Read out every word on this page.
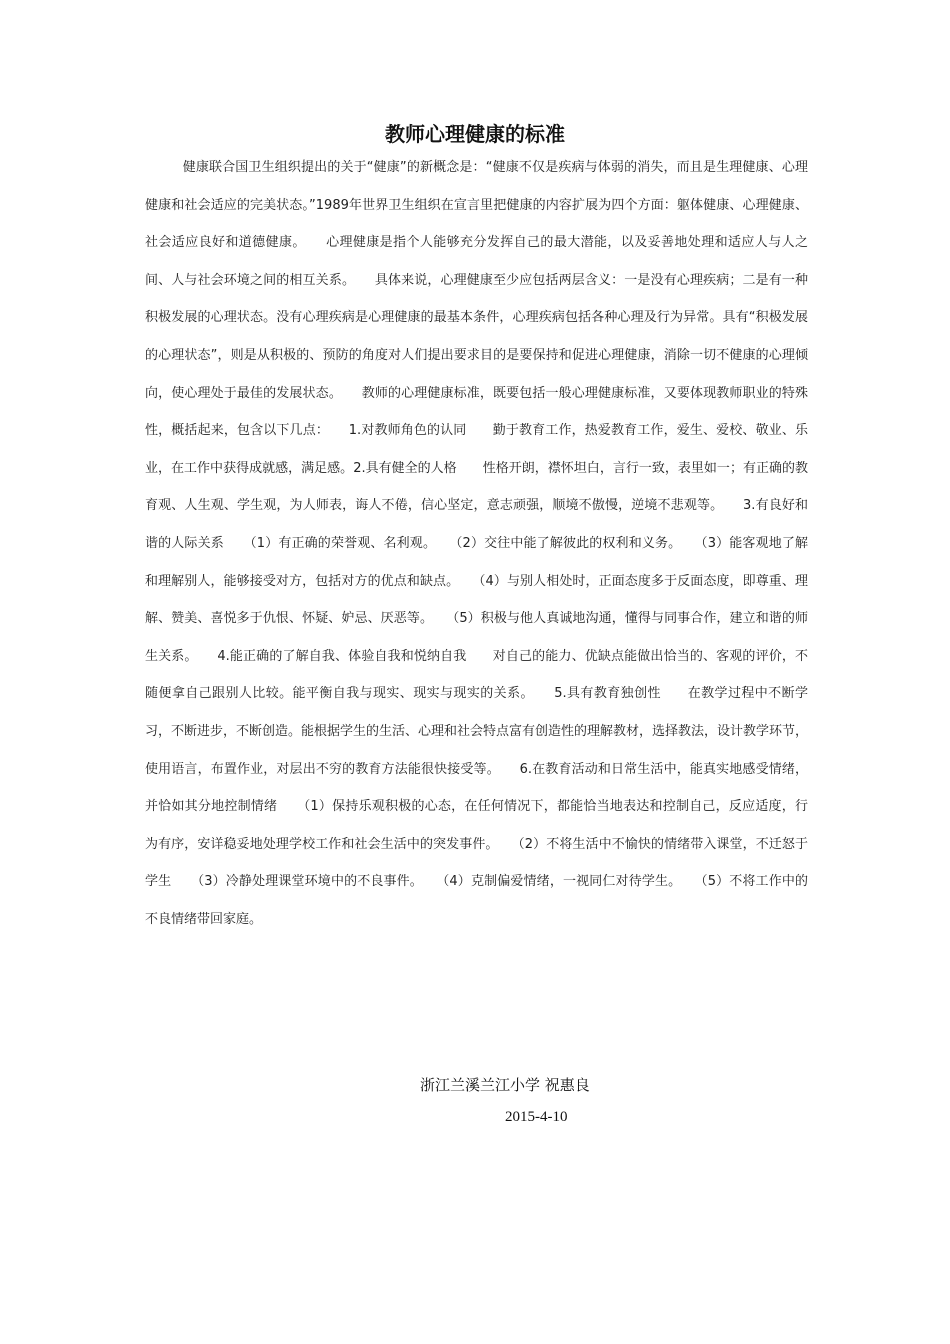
教师心理健康的标准

健康联合国卫生组织提出的关于“健康”的新概念是：“健康不仅是疾病与体弱的消失，而且是生理健康、心理健康和社会适应的完美状态。”1989年世界卫生组织在宣言里把健康的内容扩展为四个方面：躯体健康、心理健康、社会适应良好和道德健康。　　心理健康是指个人能够充分发挥自己的最大潜能，以及妥善地处理和适应人与人之间、人与社会环境之间的相互关系。　　具体来说，心理健康至少应包括两层含义：一是没有心理疾病；二是有一种积极发展的心理状态。没有心理疾病是心理健康的最基本条件，心理疾病包括各种心理及行为异常。具有“积极发展的心理状态”，则是从积极的、预防的角度对人们提出要求目的是要保持和促进心理健康，消除一切不健康的心理倾向，使心理处于最佳的发展状态。　　教师的心理健康标准，既要包括一般心理健康标准，又要体现教师职业的特殊性，概括起来，包含以下几点：　　1.对教师角色的认同　　勤于教育工作，热爱教育工作，爱生、爱校、敬业、乐业，在工作中获得成就感，满足感。2.具有健全的人格　　性格开朗，襟怀坦白，言行一致，表里如一；有正确的教育观、人生观、学生观，为人师表，诲人不倦，信心坚定，意志顽强，顺境不傲慢，逆境不悲观等。　　3.有良好和谐的人际关系　　（1）有正确的荣誉观、名利观。　　（2）交往中能了解彼此的权利和义务。　　（3）能客观地了解和理解别人，能够接受对方，包括对方的优点和缺点。　　（4）与别人相处时，正面态度多于反面态度，即尊重、理解、赞美、喜悦多于仇恨、怀疑、妒忌、厌恶等。　　（5）积极与他人真诚地沟通，懂得与同事合作，建立和谐的师生关系。　　4.能正确的了解自我、体验自我和悦纳自我　　对自己的能力、优缺点能做出恰当的、客观的评价，不随便拿自己跟别人比较。能平衡自我与现实、现实与现实的关系。　　5.具有教育独创性　　在教学过程中不断学习，不断进步，不断创造。能根据学生的生活、心理和社会特点富有创造性的理解教材，选择教法，设计教学环节，使用语言，布置作业，对层出不穷的教育方法能很快接受等。　　6.在教育活动和日常生活中，能真实地感受情绪，并恰如其分地控制情绪　　（1）保持乐观积极的心态，在任何情况下，都能恰当地表达和控制自己，反应适度，行为有序，安详稳妥地处理学校工作和社会生活中的突发事件。　　（2）不将生活中不愉快的情绪带入课堂，不迁怒于学生　　（3）冷静处理课堂环境中的不良事件。　　（4）克制偏爱情绪，一视同仁对待学生。　　（5）不将工作中的不良情绪带回家庭。

浙江兰溪兰江小学 祝惠良
2015-4-10
